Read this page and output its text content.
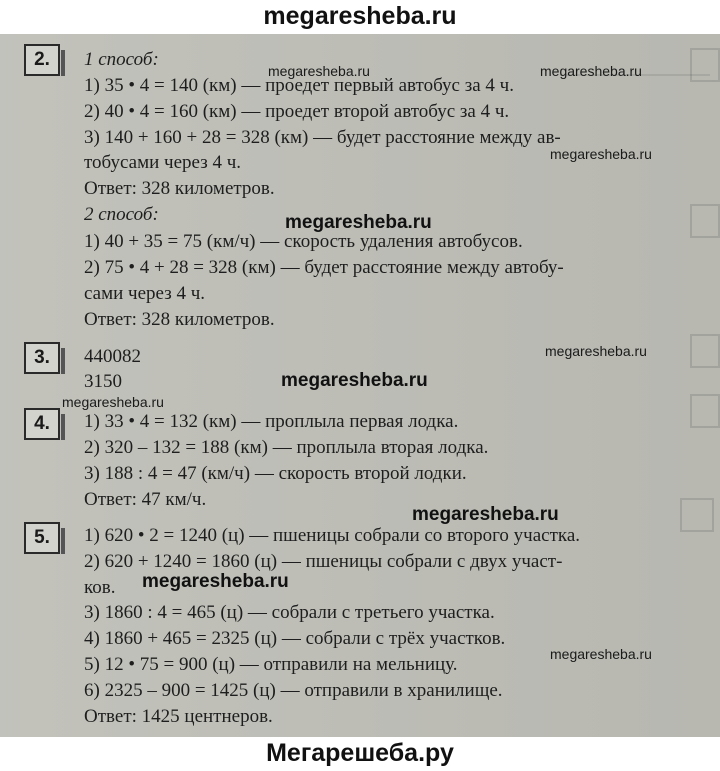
megaresheba.ru
2.	1 способ:
1) 35 • 4 = 140 (км) — проедет первый автобус за 4 ч.
2) 40 • 4 = 160 (км) — проедет второй автобус за 4 ч.
3) 140 + 160 + 28 = 328 (км) — будет расстояние между ав-
тобусами через 4 ч.
Ответ: 328 километров.
2 способ:
1) 40 + 35 = 75 (км/ч) — скорость удаления автобусов.
2) 75 • 4 + 28 = 328 (км) — будет расстояние между автобу-
сами через 4 ч.
Ответ: 328 километров.
3.	440082
3150
4.	1) 33 • 4 = 132 (км) — проплыла первая лодка.
2) 320 – 132 = 188 (км) — проплыла вторая лодка.
3) 188 : 4 = 47 (км/ч) — скорость второй лодки.
Ответ: 47 км/ч.
5.	1) 620 • 2 = 1240 (ц) — пшеницы собрали со второго участка.
2) 620 + 1240 = 1860 (ц) — пшеницы собрали с двух участ-
ков.
3) 1860 : 4 = 465 (ц) — собрали с третьего участка.
4) 1860 + 465 = 2325 (ц) — собрали с трёх участков.
5) 12 • 75 = 900 (ц) — отправили на мельницу.
6) 2325 – 900 = 1425 (ц) — отправили в хранилище.
Ответ: 1425 центнеров.
megaresheba.ru	megaresheba.ru
megaresheba.ru
megaresheba.ru
megaresheba.ru
megaresheba.ru
megaresheba.ru
megaresheba.ru
megaresheba.ru
megaresheba.ru
Мегарешеба.ру
